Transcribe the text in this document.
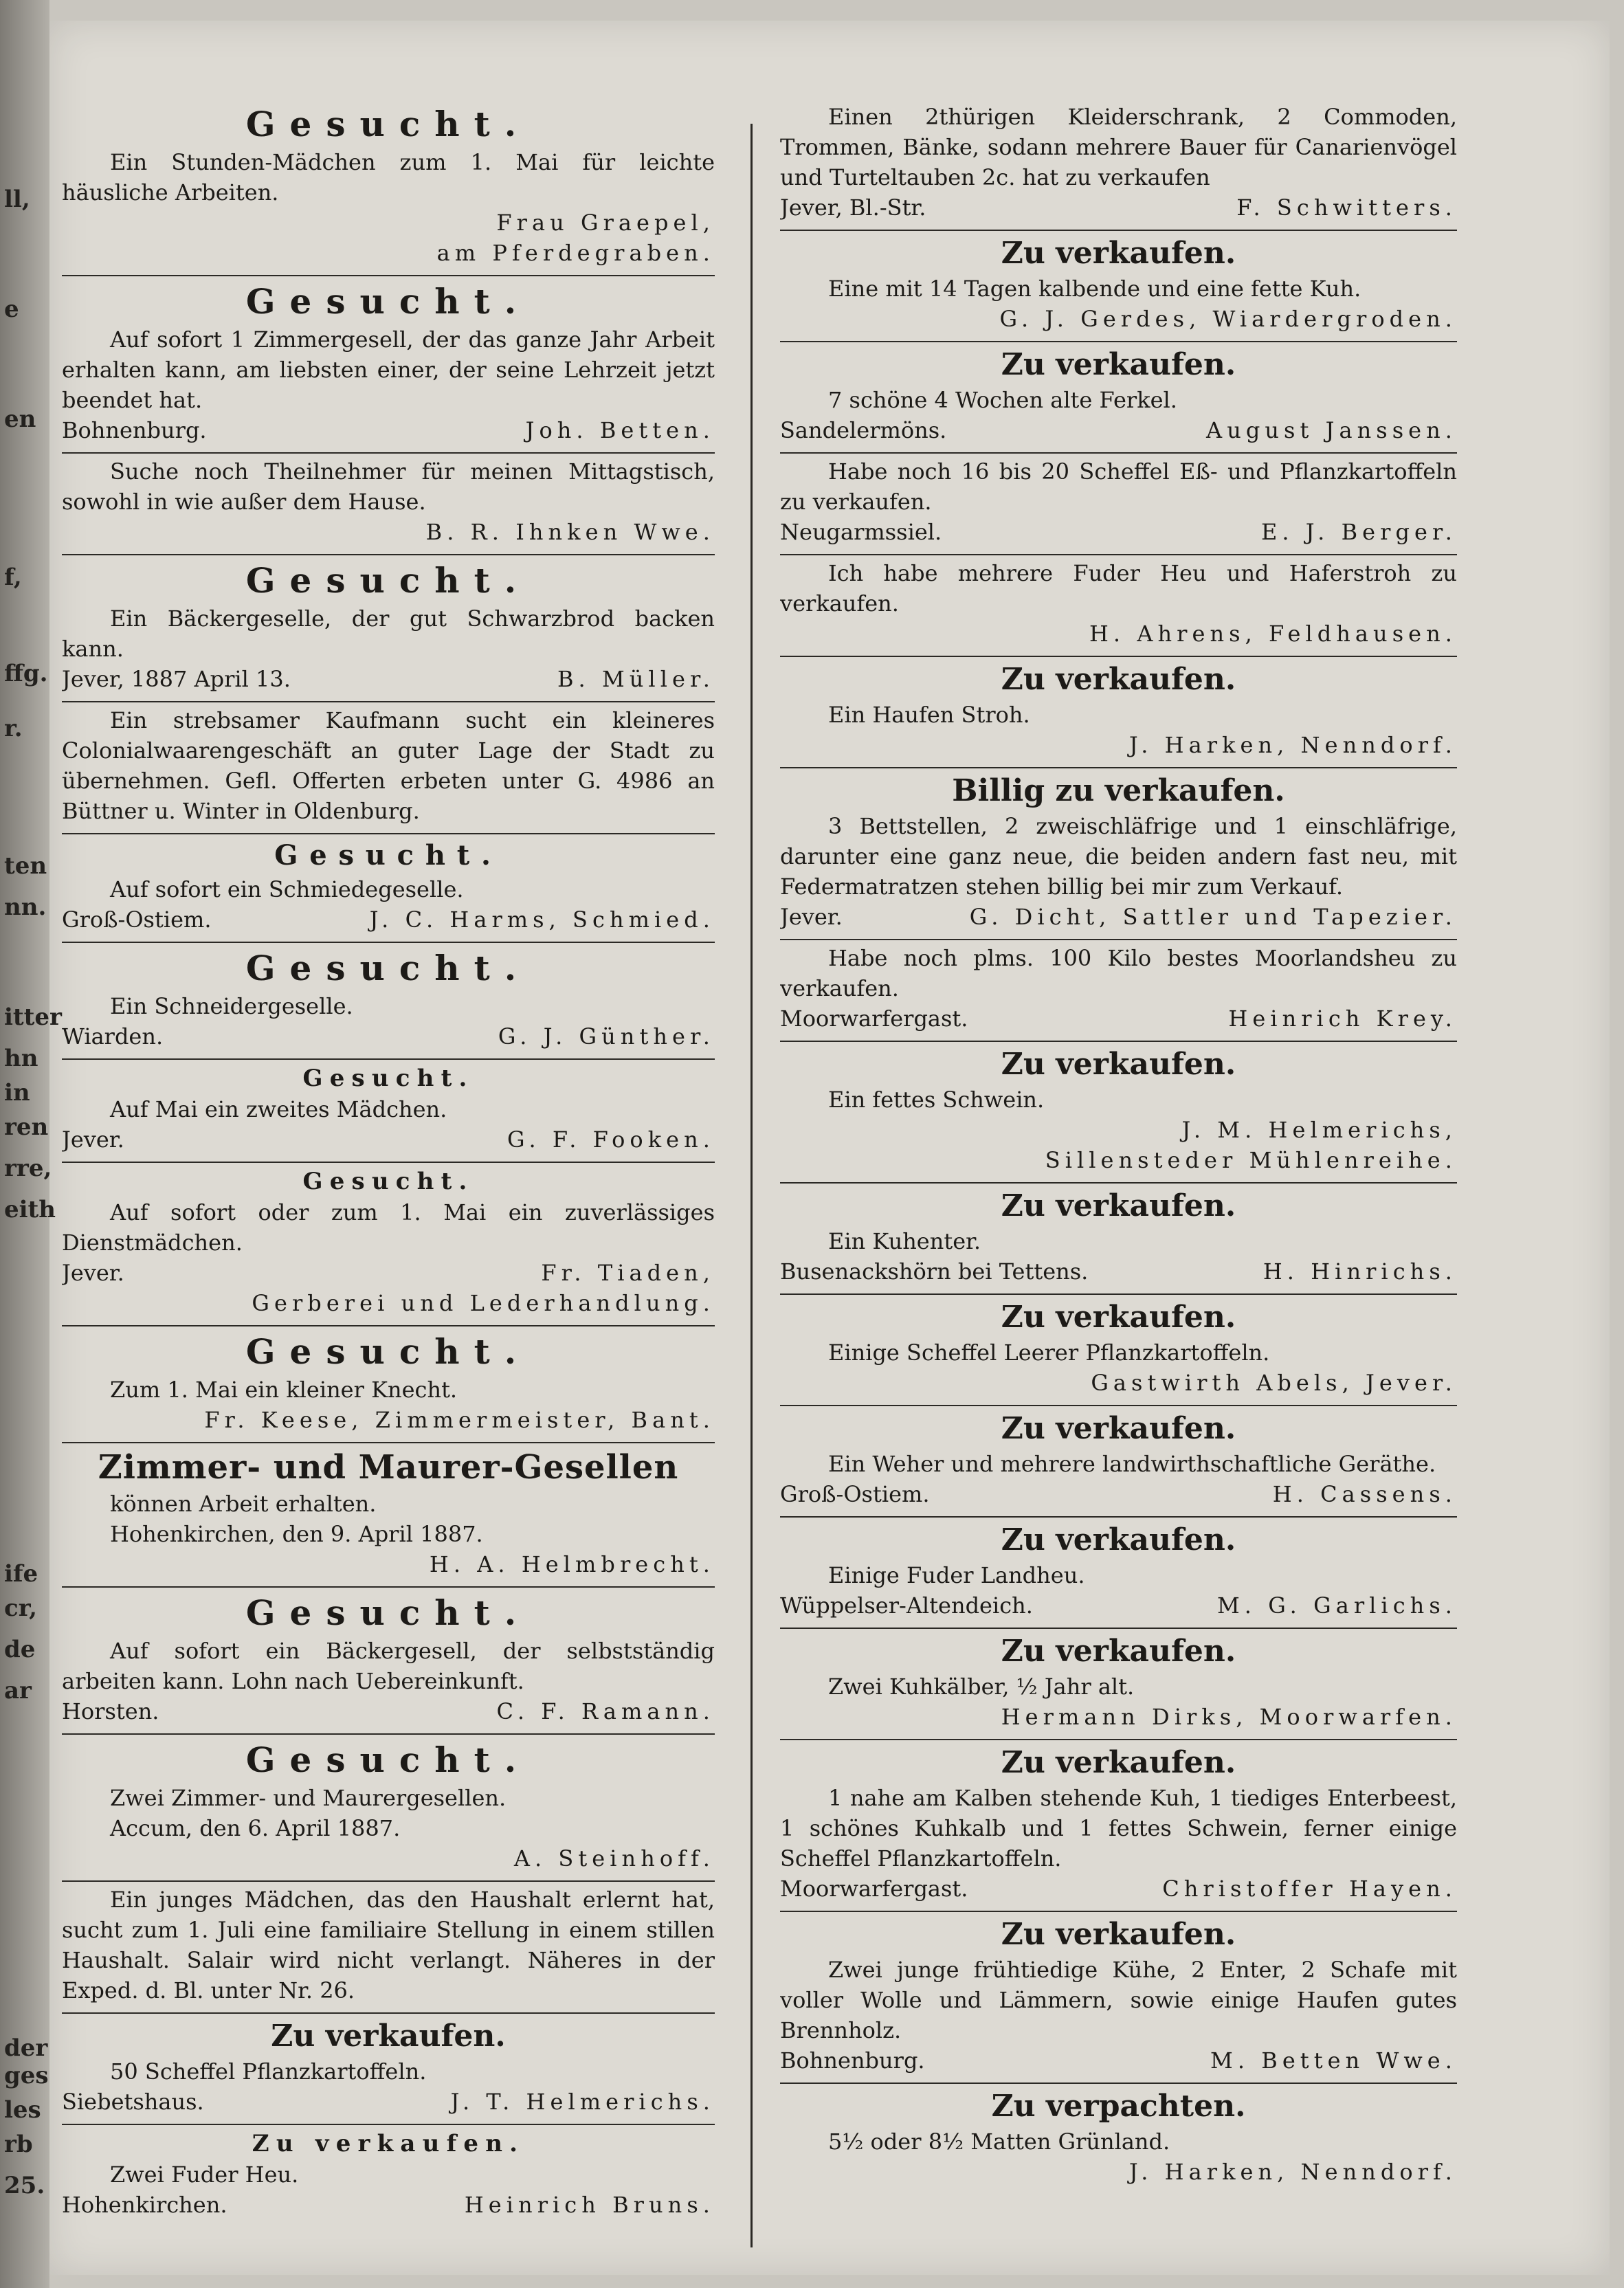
ll,
e
en
f,
ffg.
r.
ten
nn.
itter
hn
in
ren
rre,
eith
ife
cr,
de
ar
der
ges
les
rb
25.

Gesucht.

Ein Stunden-Mädchen zum 1. Mai für leichte häusliche Arbeiten.

Frau Graepel,

am Pferdegraben.

Gesucht.

Auf sofort 1 Zimmergesell, der das ganze Jahr Arbeit erhalten kann, am liebsten einer, der seine Lehrzeit jetzt beendet hat.

Bohnenburg.	Joh. Betten.

Suche noch Theilnehmer für meinen Mittagstisch, sowohl in wie außer dem Hause.

B. R. Ihnken Wwe.

Gesucht.

Ein Bäckergeselle, der gut Schwarzbrod backen kann.

Jever, 1887 April 13.	B. Müller.

Ein strebsamer Kaufmann sucht ein kleineres Colonialwaarengeschäft an guter Lage der Stadt zu übernehmen. Gefl. Offerten erbeten unter G. 4986 an Büttner u. Winter in Oldenburg.

Gesucht.

Auf sofort ein Schmiedegeselle.

Groß-Ostiem.	J. C. Harms, Schmied.

Gesucht.

Ein Schneidergeselle.

Wiarden.	G. J. Günther.

Gesucht.

Auf Mai ein zweites Mädchen.

Jever.	G. F. Fooken.

Gesucht.

Auf sofort oder zum 1. Mai ein zuverlässiges Dienstmädchen.

Jever.	Fr. Tiaden,

Gerberei und Lederhandlung.

Gesucht.

Zum 1. Mai ein kleiner Knecht.

Fr. Keese, Zimmermeister, Bant.

Zimmer- und Maurer-Gesellen

können Arbeit erhalten.

Hohenkirchen, den 9. April 1887.

H. A. Helmbrecht.

Gesucht.

Auf sofort ein Bäckergesell, der selbstständig arbeiten kann. Lohn nach Uebereinkunft.

Horsten.	C. F. Ramann.

Gesucht.

Zwei Zimmer- und Maurergesellen.

Accum, den 6. April 1887.

A. Steinhoff.

Ein junges Mädchen, das den Haushalt erlernt hat, sucht zum 1. Juli eine familiaire Stellung in einem stillen Haushalt. Salair wird nicht verlangt. Näheres in der Exped. d. Bl. unter Nr. 26.

Zu verkaufen.

50 Scheffel Pflanzkartoffeln.

Siebetshaus.	J. T. Helmerichs.

Zu verkaufen.

Zwei Fuder Heu.

Hohenkirchen.	Heinrich Bruns.

Einen 2thürigen Kleiderschrank, 2 Commoden, Trommen, Bänke, sodann mehrere Bauer für Canarienvögel und Turteltauben 2c. hat zu verkaufen

Jever, Bl.-Str.	F. Schwitters.

Zu verkaufen.

Eine mit 14 Tagen kalbende und eine fette Kuh.

G. J. Gerdes, Wiardergroden.

Zu verkaufen.

7 schöne 4 Wochen alte Ferkel.

Sandelermöns.	August Janssen.

Habe noch 16 bis 20 Scheffel Eß- und Pflanzkartoffeln zu verkaufen.

Neugarmssiel.	E. J. Berger.

Ich habe mehrere Fuder Heu und Haferstroh zu verkaufen.

H. Ahrens, Feldhausen.

Zu verkaufen.

Ein Haufen Stroh.

J. Harken, Nenndorf.

Billig zu verkaufen.

3 Bettstellen, 2 zweischläfrige und 1 einschläfrige, darunter eine ganz neue, die beiden andern fast neu, mit Federmatratzen stehen billig bei mir zum Verkauf.

Jever.	G. Dicht, Sattler und Tapezier.

Habe noch plms. 100 Kilo bestes Moorlandsheu zu verkaufen.

Moorwarfergast.	Heinrich Krey.

Zu verkaufen.

Ein fettes Schwein.

J. M. Helmerichs,

Sillensteder Mühlenreihe.

Zu verkaufen.

Ein Kuhenter.

Busenackshörn bei Tettens.	H. Hinrichs.

Zu verkaufen.

Einige Scheffel Leerer Pflanzkartoffeln.

Gastwirth Abels, Jever.

Zu verkaufen.

Ein Weher und mehrere landwirthschaftliche Geräthe.

Groß-Ostiem.	H. Cassens.

Zu verkaufen.

Einige Fuder Landheu.

Wüppelser-Altendeich.	M. G. Garlichs.

Zu verkaufen.

Zwei Kuhkälber, ½ Jahr alt.

Hermann Dirks, Moorwarfen.

Zu verkaufen.

1 nahe am Kalben stehende Kuh, 1 tiediges Enterbeest, 1 schönes Kuhkalb und 1 fettes Schwein, ferner einige Scheffel Pflanzkartoffeln.

Moorwarfergast.	Christoffer Hayen.

Zu verkaufen.

Zwei junge frühtiedige Kühe, 2 Enter, 2 Schafe mit voller Wolle und Lämmern, sowie einige Haufen gutes Brennholz.

Bohnenburg.	M. Betten Wwe.

Zu verpachten.

5½ oder 8½ Matten Grünland.

J. Harken, Nenndorf.
